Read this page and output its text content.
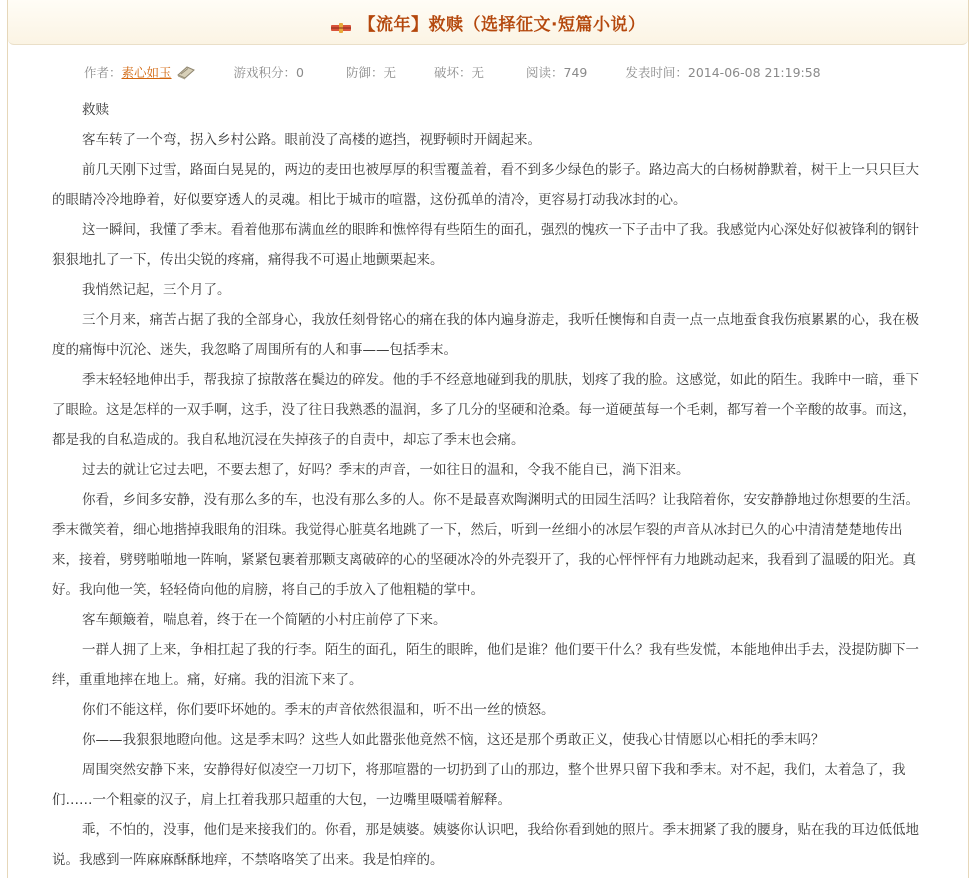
【流年】救赎（选择征文·短篇小说）
作者： 素心如玉	游戏积分：0	防御：无	破坏：无	阅读：749	发表时间：2014-06-08 21:19:58

救赎

客车转了一个弯，拐入乡村公路。眼前没了高楼的遮挡，视野顿时开阔起来。

前几天刚下过雪，路面白晃晃的，两边的麦田也被厚厚的积雪覆盖着，看不到多少绿色的影子。路边高大的白杨树静默着，树干上一只只巨大的眼睛冷冷地睁着，好似要穿透人的灵魂。相比于城市的喧嚣，这份孤单的清冷，更容易打动我冰封的心。

这一瞬间，我懂了季末。看着他那布满血丝的眼眸和憔悴得有些陌生的面孔，强烈的愧疚一下子击中了我。我感觉内心深处好似被锋利的钢针狠狠地扎了一下，传出尖锐的疼痛，痛得我不可遏止地颤栗起来。

我悄然记起，三个月了。

三个月来，痛苦占据了我的全部身心，我放任刻骨铭心的痛在我的体内遍身游走，我听任懊悔和自责一点一点地蚕食我伤痕累累的心，我在极度的痛悔中沉沦、迷失，我忽略了周围所有的人和事——包括季末。

季末轻轻地伸出手，帮我掠了掠散落在鬓边的碎发。他的手不经意地碰到我的肌肤，划疼了我的脸。这感觉，如此的陌生。我眸中一暗，垂下了眼睑。这是怎样的一双手啊，这手，没了往日我熟悉的温润，多了几分的坚硬和沧桑。每一道硬茧每一个毛刺，都写着一个辛酸的故事。而这，都是我的自私造成的。我自私地沉浸在失掉孩子的自责中，却忘了季末也会痛。

过去的就让它过去吧，不要去想了，好吗？季末的声音，一如往日的温和，令我不能自已，淌下泪来。

你看，乡间多安静，没有那么多的车，也没有那么多的人。你不是最喜欢陶渊明式的田园生活吗？让我陪着你，安安静静地过你想要的生活。季末微笑着，细心地揩掉我眼角的泪珠。我觉得心脏莫名地跳了一下，然后，听到一丝细小的冰层乍裂的声音从冰封已久的心中清清楚楚地传出来，接着，劈劈啪啪地一阵响，紧紧包裹着那颗支离破碎的心的坚硬冰冷的外壳裂开了，我的心怦怦怦有力地跳动起来，我看到了温暖的阳光。真好。我向他一笑，轻轻倚向他的肩膀，将自己的手放入了他粗糙的掌中。

客车颠簸着，喘息着，终于在一个简陋的小村庄前停了下来。

一群人拥了上来，争相扛起了我的行李。陌生的面孔，陌生的眼眸，他们是谁？他们要干什么？我有些发慌，本能地伸出手去，没提防脚下一绊，重重地摔在地上。痛，好痛。我的泪流下来了。

你们不能这样，你们要吓坏她的。季末的声音依然很温和，听不出一丝的愤怒。

你——我狠狠地瞪向他。这是季末吗？这些人如此嚣张他竟然不恼，这还是那个勇敢正义，使我心甘情愿以心相托的季末吗？

周围突然安静下来，安静得好似凌空一刀切下，将那喧嚣的一切扔到了山的那边，整个世界只留下我和季末。对不起，我们，太着急了，我们……一个粗豪的汉子，肩上扛着我那只超重的大包，一边嘴里嗫嚅着解释。

乖，不怕的，没事，他们是来接我们的。你看，那是姨婆。姨婆你认识吧，我给你看到她的照片。季末拥紧了我的腰身，贴在我的耳边低低地说。我感到一阵麻麻酥酥地痒，不禁咯咯笑了出来。我是怕痒的。
